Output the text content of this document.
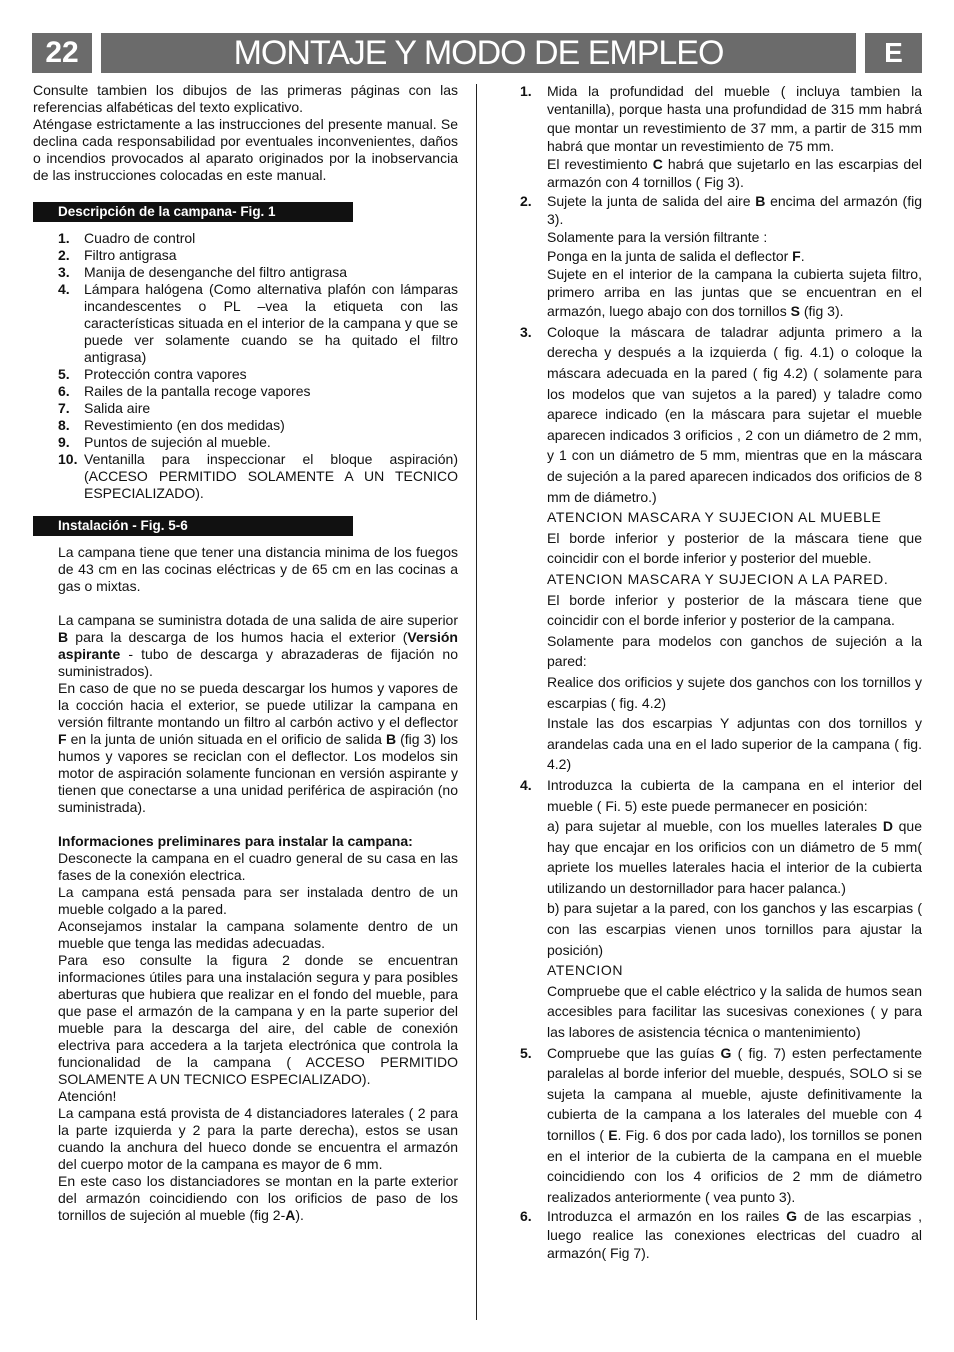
22	MONTAJE Y MODO DE EMPLEO	E

Consulte tambien los dibujos de las primeras páginas con las referencias alfabéticas del texto explicativo.

Aténgase estrictamente a las instrucciones del presente manual. Se declina cada responsabilidad por eventuales inconvenientes, daños o incendios provocados al aparato originados por la inobservancia de las instrucciones colocadas en este manual.

Descripción de la campana- Fig. 1
1.	Cuadro de control
2.	Filtro antigrasa
3.	Manija de desenganche del filtro antigrasa
4.	Lámpara halógena (Como alternativa plafón con lámparas incandescentes o PL –vea la etiqueta con las características situada en el interior de la campana y que se puede ver solamente cuando se ha quitado el filtro antigrasa)
5.	Protección contra vapores
6.	Railes de la pantalla recoge vapores
7.	Salida aire
8.	Revestimiento (en dos medidas)
9.	Puntos de sujeción al mueble.
10. Ventanilla para inspeccionar el bloque aspiración) (ACCESO PERMITIDO SOLAMENTE A UN TECNICO ESPECIALIZADO).
Instalación - Fig. 5-6

La campana tiene que tener una distancia minima de los fuegos de 43 cm en las cocinas eléctricas y de 65 cm en las cocinas a gas o mixtas.

La campana se suministra dotada de una salida de aire superior B para la descarga de los humos hacia el exterior (Versión aspirante - tubo de descarga y abrazaderas de fijación no suministrados).

En caso de que no se pueda descargar los humos y vapores de la cocción hacia el exterior, se puede utilizar la campana en versión filtrante montando un filtro al carbón activo y el deflector F en la junta de unión situada en el orificio de salida B (fig 3) los humos y vapores se reciclan con el deflector. Los modelos sin motor de aspiración solamente funcionan en versión aspirante y tienen que conectarse a una unidad periférica de aspiración (no suministrada).

Informaciones preliminares para instalar la campana:

Desconecte la campana en el cuadro general de su casa en las fases de la conexión electrica.

La campana está pensada para ser instalada dentro de un mueble colgado a la pared.

Aconsejamos instalar la campana solamente dentro de un mueble que tenga las medidas adecuadas.

Para eso consulte la figura 2 donde se encuentran informaciones útiles para una instalación segura y para posibles aberturas que hubiera que realizar en el fondo del mueble, para que pase el armazón de la campana y en la parte superior del mueble para la descarga del aire, del cable de conexión electriva para accedera a la tarjeta electrónica que controla la funcionalidad de la campana ( ACCESO PERMITIDO SOLAMENTE A UN TECNICO ESPECIALIZADO).

Atención!

La campana está provista de 4 distanciadores laterales ( 2 para la parte izquierda y 2 para la parte derecha), estos se usan cuando la anchura del hueco donde se encuentra el armazón del cuerpo motor de la campana es mayor de 6 mm.

En este caso los distanciadores se montan en la parte exterior del armazón coincidiendo con los orificios de paso de los tornillos de sujeción al mueble (fig 2-A).

1.	Mida la profundidad del mueble ( incluya tambien la ventanilla), porque hasta una profundidad de 315 mm habrá que montar un revestimiento de 37 mm, a partir de 315 mm habrá que montar un revestimiento de 75 mm.

El revestimiento C habrá que sujetarlo en las escarpias del armazón con 4 tornillos ( Fig 3).

2.	Sujete la junta de salida del aire B encima del armazón (fig 3).

Solamente para la versión filtrante :

Ponga en la junta de salida el deflector F.

Sujete en el interior de la campana la cubierta sujeta filtro, primero arriba en las juntas que se encuentran en el armazón, luego abajo con dos tornillos S (fig 3).

3.	Coloque la máscara de taladrar adjunta primero a la derecha y después a la izquierda ( fig. 4.1) o coloque la máscara adecuada en la pared ( fig 4.2) ( solamente para los modelos que van sujetos a la pared) y taladre como aparece indicado (en la máscara para sujetar el mueble aparecen indicados 3 orificios , 2 con un diámetro de 2 mm, y 1 con un diámetro de 5 mm, mientras que en la máscara de sujeción a la pared aparecen indicados dos orificios de 8 mm de diámetro.)

ATENCION MASCARA Y SUJECION AL MUEBLE

El borde inferior y posterior de la máscara tiene que coincidir con el borde inferior y posterior del mueble.

ATENCION MASCARA Y SUJECION A LA PARED.

El borde inferior y posterior de la máscara tiene que coincidir con el borde inferior y posterior de la campana.

Solamente para modelos con ganchos de sujeción a la pared:

Realice dos orificios y sujete dos ganchos con los tornillos y escarpias ( fig. 4.2)

Instale las dos escarpias Y adjuntas con dos tornillos y arandelas cada una en el lado superior de la campana ( fig. 4.2)

4.	Introduzca la cubierta de la campana en el interior del mueble ( Fi. 5) este puede permanecer en posición:

a) para sujetar al mueble, con los muelles laterales D que hay que encajar en los orificios con un diámetro de 5 mm( apriete los muelles laterales hacia el interior de la cubierta utilizando un destornillador para hacer palanca.)

b) para sujetar a la pared, con los ganchos y las escarpias ( con las escarpias vienen unos tornillos para ajustar la posición)

ATENCION

Compruebe que el cable eléctrico y la salida de humos sean accesibles para facilitar las sucesivas conexiones ( y para las labores de asistencia técnica o mantenimiento)

5.	Compruebe que las guías G ( fig. 7) esten perfectamente paralelas al borde inferior del mueble, después, SOLO si se sujeta la campana al mueble, ajuste definitivamente la cubierta de la campana a los laterales del mueble con 4 tornillos ( E. Fig. 6 dos por cada lado), los tornillos se ponen en el interior de la cubierta de la campana en el mueble coincidiendo con los 4 orificios de 2 mm de diámetro realizados anteriormente ( vea punto 3).

6.	Introduzca el armazón en los railes G de las escarpias , luego realice las conexiones electricas del cuadro al armazón( Fig 7).
